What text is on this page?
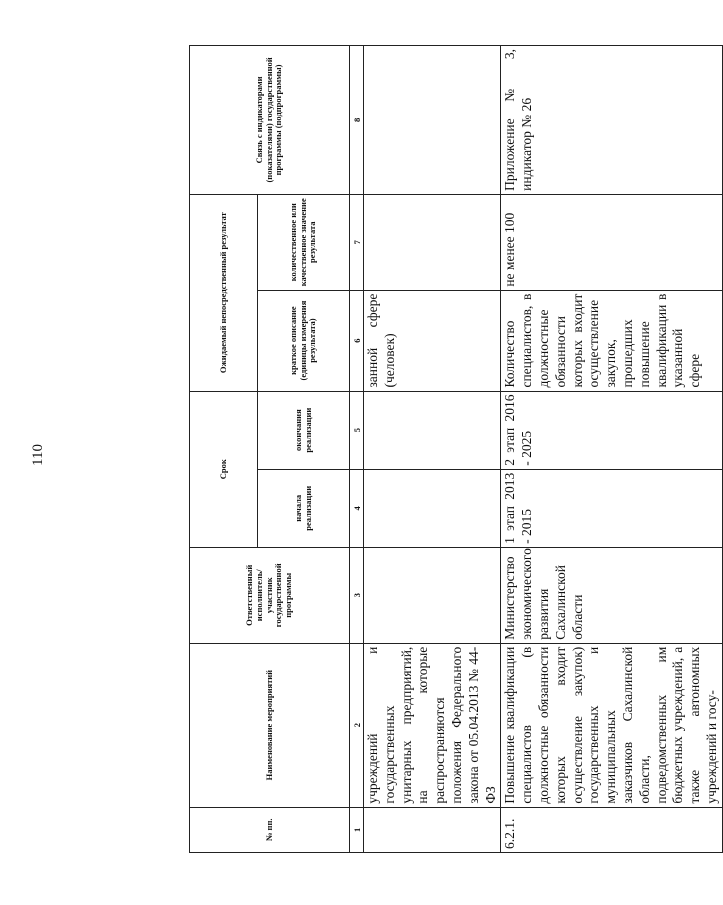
110
№ пп.	Наименование мероприятий	Ответственный исполнитель/ участник государственной программы	Срок		Ожидаемый непосредственный результат		Связь с индикаторами (показателями) государственной программы (подпрограммы)
			начала реализации	окончания реализации	краткое описание (единицы измерения результата)	количественное или качественное значение результата	
1	2	3	4	5	6	7	8
	учреждений и государственных унитарных предприятий, на которые распространяются положения Федерального закона от 05.04.2013 № 44-ФЗ				занной сфере (человек)		
6.2.1.	Повышение квалификации специалистов (в должностные обязанности которых входит осуществление закупок) государственных и муниципальных заказчиков Сахалинской области, подведомственных им бюджетных учреждений, а также автономных учреждений и госу-	Министерство экономического развития Сахалинской области	1 этап 2013 - 2015	2 этап 2016 - 2025	Количество специалистов, в должностные обязанности которых входит осуществление закупок, прошедших повышение квалификации в указанной сфере	не менее 100	Приложение № 3, индикатор № 26
